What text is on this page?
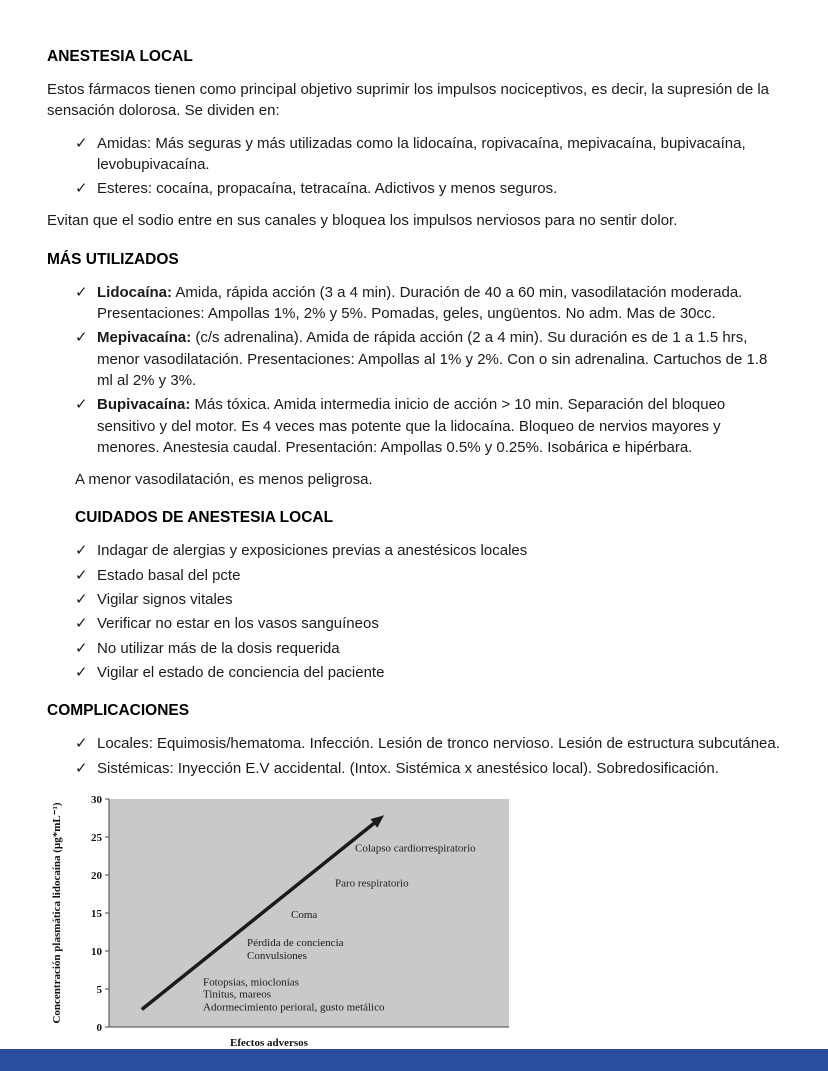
ANESTESIA LOCAL

Estos fármacos tienen como principal objetivo suprimir los impulsos nociceptivos, es decir, la supresión de la sensación dolorosa. Se dividen en:

✓ Amidas: Más seguras y más utilizadas como la lidocaína, ropivacaína, mepivacaína, bupivacaína, levobupivacaína.
✓ Esteres: cocaína, propacaína, tetracaína. Adictivos y menos seguros.

Evitan que el sodio entre en sus canales y bloquea los impulsos nerviosos para no sentir dolor.

MÁS UTILIZADOS
✓ Lidocaína: Amida, rápida acción (3 a 4 min). Duración de 40 a 60 min, vasodilatación moderada. Presentaciones: Ampollas 1%, 2% y 5%. Pomadas, geles, ungüentos. No adm. Mas de 30cc.
✓ Mepivacaína: (c/s adrenalina). Amida de rápida acción (2 a 4 min). Su duración es de 1 a 1.5 hrs, menor vasodilatación. Presentaciones: Ampollas al 1% y 2%. Con o sin adrenalina. Cartuchos de 1.8 ml al 2% y 3%.
✓ Bupivacaína: Más tóxica. Amida intermedia inicio de acción > 10 min. Separación del bloqueo sensitivo y del motor. Es 4 veces mas potente que la lidocaína. Bloqueo de nervios mayores y menores. Anestesia caudal. Presentación: Ampollas 0.5% y 0.25%. Isobárica e hipérbara.

A menor vasodilatación, es menos peligrosa.

CUIDADOS DE ANESTESIA LOCAL
✓ Indagar de alergias y exposiciones previas a anestésicos locales
✓ Estado basal del pcte
✓ Vigilar signos vitales
✓ Verificar no estar en los vasos sanguíneos
✓ No utilizar más de la dosis requerida
✓ Vigilar el estado de conciencia del paciente
COMPLICACIONES
✓ Locales: Equimosis/hematoma. Infección. Lesión de tronco nervioso. Lesión de estructura subcutánea.
✓ Sistémicas: Inyección E.V accidental. (Intox. Sistémica x anestésico local). Sobredosificación.
0
5
10
15
20
25
30
Colapso cardiorrespiratorio
Paro respiratorio
Coma
Pérdida de conciencia
Convulsiones
Fotopsias, mioclonías
Tinitus, mareos
Adormecimiento perioral, gusto metálico
Concentración plasmática lidocaína (µg*mL⁻¹)
Efectos adversos
